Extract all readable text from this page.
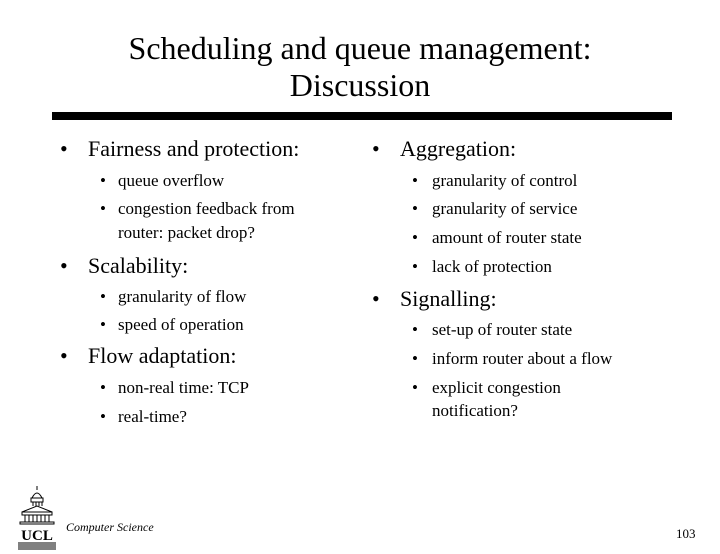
Scheduling and queue management:
Discussion
• Fairness and protection:
• queue overflow
• congestion feedback from
router: packet drop?
• Scalability:
• granularity of flow
• speed of operation
• Flow adaptation:
• non-real time: TCP
• real-time?
• Aggregation:
• granularity of control
• granularity of service
• amount of router state
• lack of protection
• Signalling:
• set-up of router state
• inform router about a flow
• explicit congestion
notification?
UCL
Computer Science	103
